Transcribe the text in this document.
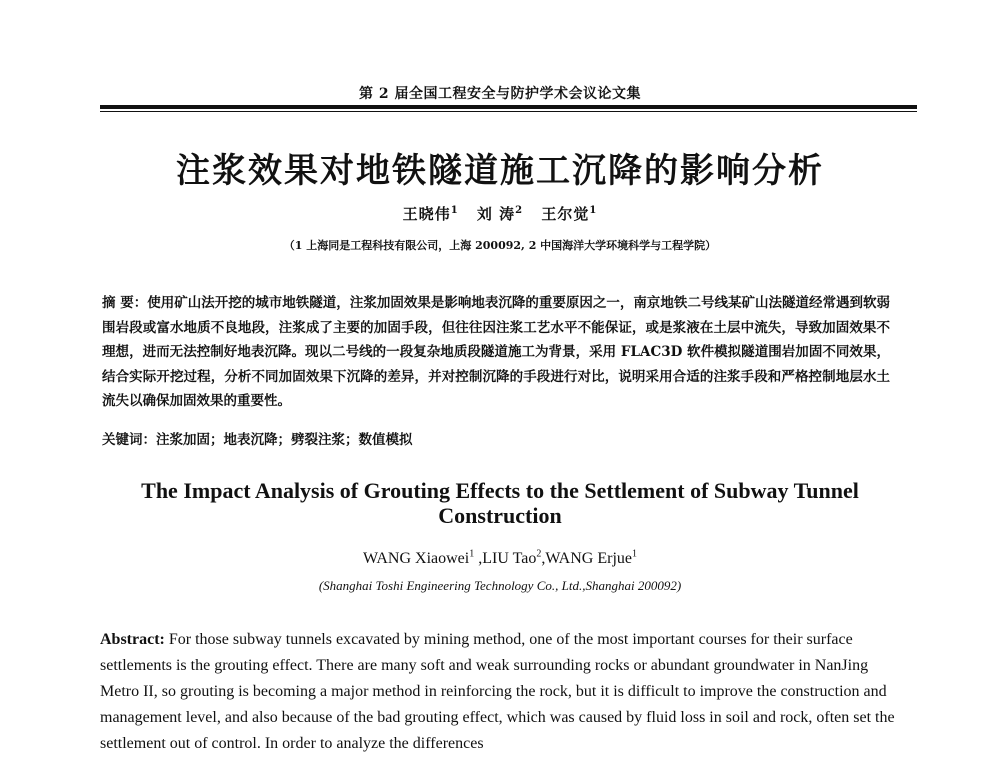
第 2 届全国工程安全与防护学术会议论文集
注浆效果对地铁隧道施工沉降的影响分析
王晓伟$^1$ 刘 涛$^2$ 王尔觉$^1$
（1 上海同是工程科技有限公司，上海 200092, 2 中国海洋大学环境科学与工程学院）
摘 要：使用矿山法开挖的城市地铁隧道，注浆加固效果是影响地表沉降的重要原因之一，南京地铁二号线某矿山法隧道经常遇到软弱围岩段或富水地质不良地段，注浆成了主要的加固手段，但往往因注浆工艺水平不能保证，或是浆液在土层中流失，导致加固效果不理想，进而无法控制好地表沉降。现以二号线的一段复杂地质段隧道施工为背景，采用 FLAC3D 软件模拟隧道围岩加固不同效果，结合实际开挖过程，分析不同加固效果下沉降的差异，并对控制沉降的手段进行对比，说明采用合适的注浆手段和严格控制地层水土流失以确保加固效果的重要性。
关键词：注浆加固；地表沉降；劈裂注浆；数值模拟
The Impact Analysis of Grouting Effects to the Settlement of Subway Tunnel Construction
WANG Xiaowei$^1$ ,LIU Tao$^2$,WANG Erjue$^1$
(Shanghai Toshi Engineering Technology Co., Ltd.,Shanghai 200092)
Abstract: For those subway tunnels excavated by mining method, one of the most important courses for their surface settlements is the grouting effect. There are many soft and weak surrounding rocks or abundant groundwater in NanJing Metro II, so grouting is becoming a major method in reinforcing the rock, but it is difficult to improve the construction and management level, and also because of the bad grouting effect, which was caused by fluid loss in soil and rock, often set the settlement out of control. In order to analyze the differences
